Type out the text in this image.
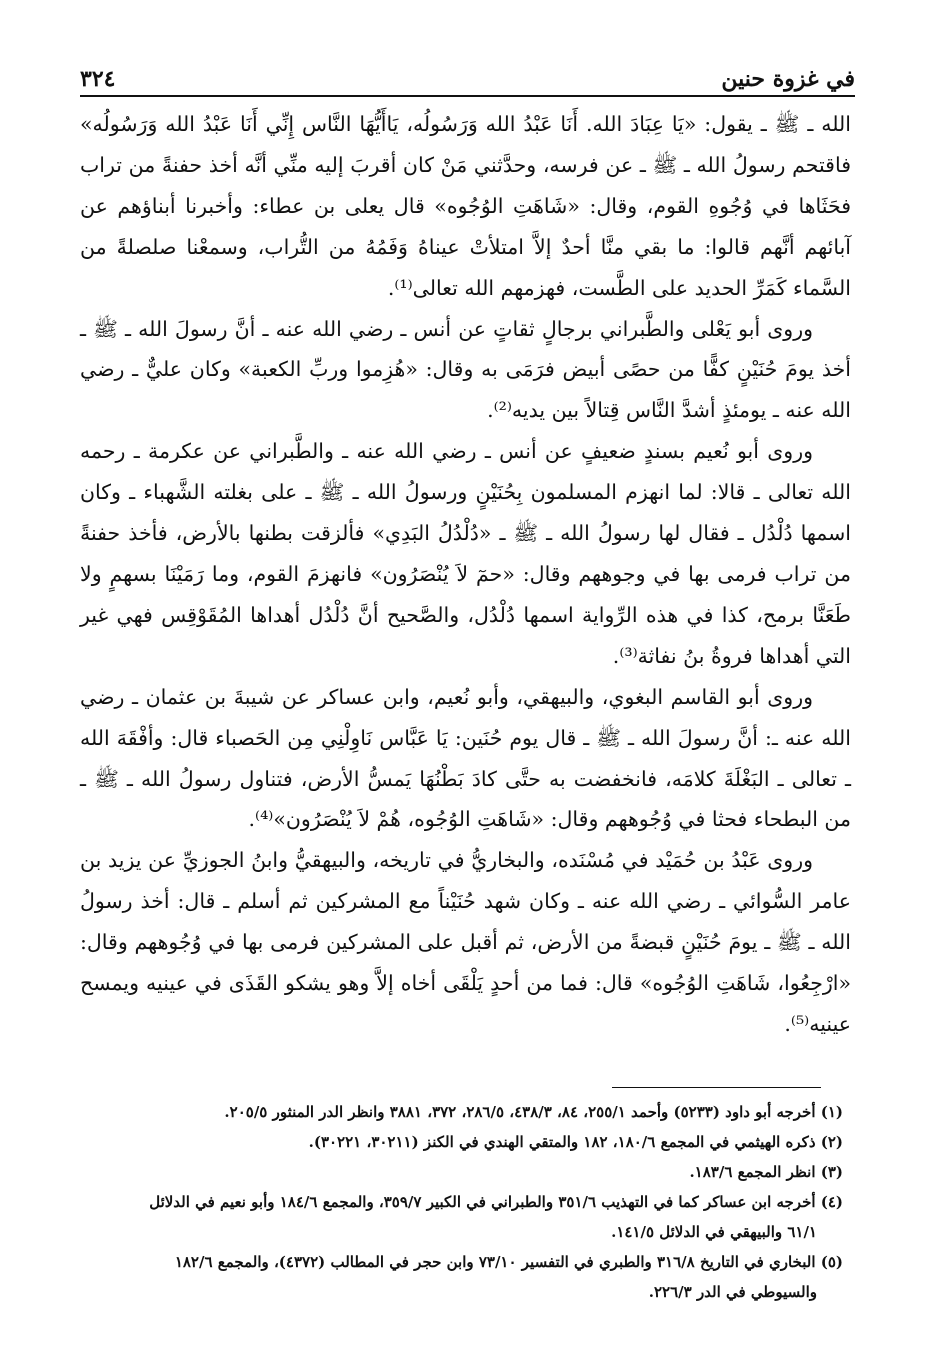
في غزوة حنين
٣٢٤

الله ـ ﷺ ـ يقول: «يَا عِبَادَ الله. أَنَا عَبْدُ الله وَرَسُولُه، يَاأَيُّهَا النَّاس إِنِّي أَنَا عَبْدُ الله وَرَسُولُه» فاقتحم رسولُ الله ـ ﷺ ـ عن فرسه، وحدَّثني مَنْ كان أقربَ إليه منِّي أنَّه أخذ حفنةً من تراب فحَثَاها في وُجُوهِ القوم، وقال: «شَاهَتِ الوُجُوه» قال يعلى بن عطاء: وأخبرنا أبناؤهم عن آبائهم أنَّهم قالوا: ما بقي منَّا أحدٌ إلاَّ امتلأتْ عيناهُ وَفَمُهُ من التُّراب، وسمعْنا صلصلةً من السَّماء كَمَرِّ الحديد على الطَّست، فهزمهم الله تعالى⁽¹⁾.

وروى أبو يَعْلى والطَّبراني برجالٍ ثقاتٍ عن أنس ـ رضي الله عنه ـ أنَّ رسولَ الله ـ ﷺ ـ أخذ يومَ حُنَيْنٍ كفًّا من حصًى أبيض فرَمَى به وقال: «هُزِموا وربِّ الكعبة» وكان عليٌّ ـ رضي الله عنه ـ يومئذٍ أشدَّ النَّاس قِتالاً بين يديه⁽²⁾.

وروى أبو نُعيم بسندٍ ضعيفٍ عن أنس ـ رضي الله عنه ـ والطَّبراني عن عكرمة ـ رحمه الله تعالى ـ قالا: لما انهزم المسلمون بِحُنَيْنٍ ورسولُ الله ـ ﷺ ـ على بغلته الشَّهباء ـ وكان اسمها دُلْدُل ـ فقال لها رسولُ الله ـ ﷺ ـ «دُلْدُلُ البَدِي» فألزقت بطنها بالأرض، فأخذ حفنةً من تراب فرمى بها في وجوههم وقال: «حمٓ لاَ يُنْصَرُون» فانهزمَ القوم، وما رَمَيْنَا بسهمٍ ولا طَعَنَّا برمح، كذا في هذه الرِّواية اسمها دُلْدُل، والصَّحيح أنَّ دُلْدُل أهداها المُقَوْقِس فهي غير التي أهداها فروةُ بنُ نفاثة⁽³⁾.

وروى أبو القاسم البغوي، والبيهقي، وأبو نُعيم، وابن عساكر عن شيبةَ بن عثمان ـ رضي الله عنه ـ: أنَّ رسولَ الله ـ ﷺ ـ قال يوم حُنَين: يَا عَبَّاس نَاوِلْنِي مِن الحَصباء قال: وأفْقَهَ الله ـ تعالى ـ البَغْلَةَ كلامَه، فانخفضت به حتَّى كادَ بَطْنُهَا يَمسُّ الأرض، فتناول رسولُ الله ـ ﷺ ـ من البطحاء فحثا في وُجُوههم وقال: «شَاهَتِ الوُجُوه، هُمْ لاَ يُنْصَرُون»⁽⁴⁾.

وروى عَبْدُ بن حُمَيْد في مُسْنَده، والبخاريُّ في تاريخه، والبيهقيُّ وابنُ الجوزيِّ عن يزيد بن عامر السُّوائي ـ رضي الله عنه ـ وكان شهد حُنَيْناً مع المشركين ثم أسلم ـ قال: أخذ رسولُ الله ـ ﷺ ـ يومَ حُنَيْنٍ قبضةً من الأرض، ثم أقبل على المشركين فرمى بها في وُجُوههم وقال: «ارْجِعُوا، شَاهَتِ الوُجُوه» قال: فما من أحدٍ يَلْقَى أخاه إلاَّ وهو يشكو القَذَى في عينيه ويمسح عينيه⁽⁵⁾.

(١) أخرجه أبو داود (٥٢٣٣) وأحمد ٢٥٥/١، ٨٤، ٤٣٨/٣، ٢٨٦/٥، ٣٧٢، ٣٨٨١ وانظر الدر المنثور ٢٠٥/٥.

(٢) ذكره الهيثمي في المجمع ١٨٠/٦، ١٨٢ والمتقي الهندي في الكنز (٣٠٢١١، ٣٠٢٢١).

(٣) انظر المجمع ١٨٣/٦.

(٤) أخرجه ابن عساكر كما في التهذيب ٣٥١/٦ والطبراني في الكبير ٣٥٩/٧، والمجمع ١٨٤/٦ وأبو نعيم في الدلائل

٦١/١ والبيهقي في الدلائل ١٤١/٥.

(٥) البخاري في التاريخ ٣١٦/٨ والطبري في التفسير ٧٣/١٠ وابن حجر في المطالب (٤٣٧٢)، والمجمع ١٨٢/٦

والسيوطي في الدر ٢٢٦/٣.
